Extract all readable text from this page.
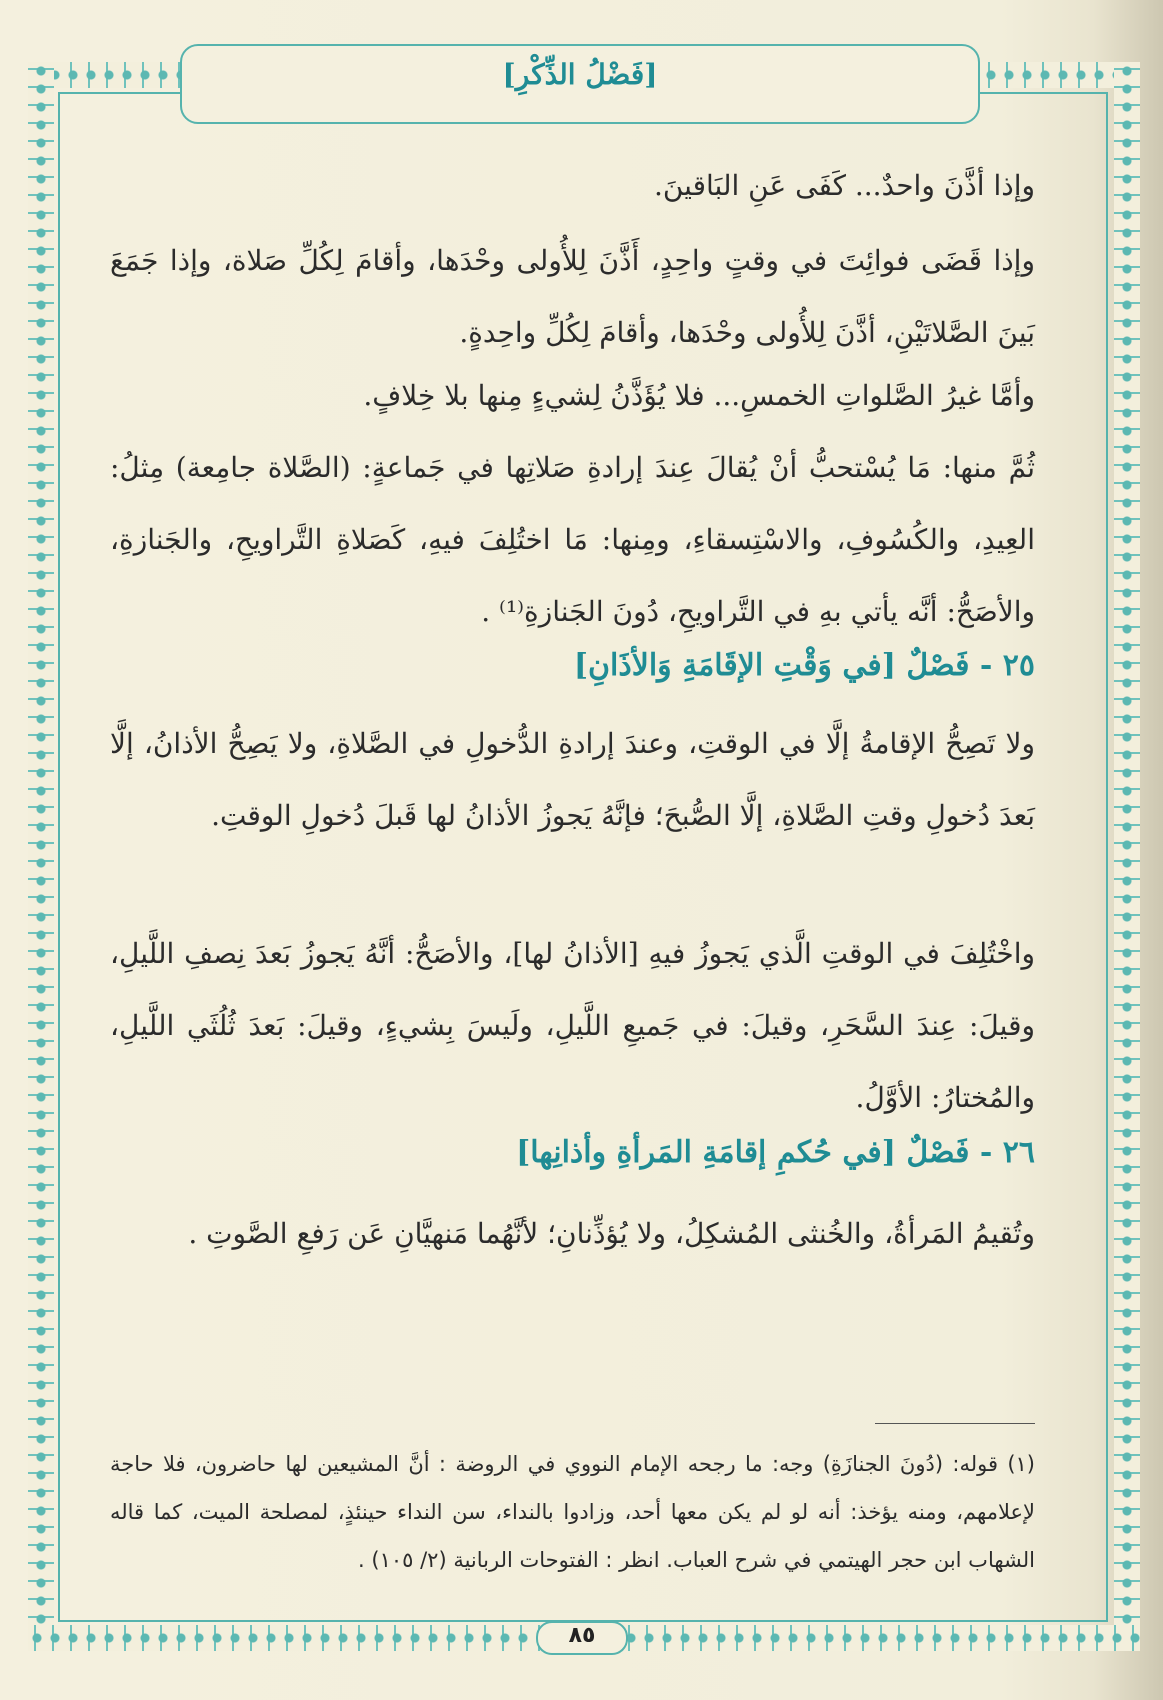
[فَضْلُ الذِّكْرِ]
وإذا أذَّنَ واحدٌ... كَفَى عَنِ البَاقينَ.
وإذا قَضَى فوائِتَ في وقتٍ واحِدٍ، أَذَّنَ لِلأُولى وحْدَها، وأقامَ لِكُلِّ صَلاة، وإذا جَمَعَ بَينَ الصَّلاتَيْنِ، أذَّنَ لِلأُولى وحْدَها، وأقامَ لِكُلِّ واحِدةٍ.
وأمَّا غيرُ الصَّلواتِ الخمسِ... فلا يُؤَذَّنُ لِشيءٍ مِنها بلا خِلافٍ.
ثُمَّ منها: مَا يُسْتحبُّ أنْ يُقالَ عِندَ إرادةِ صَلاتِها في جَماعةٍ: (الصَّلاة جامِعة) مِثلُ: العِيدِ، والكُسُوفِ، والاسْتِسقاءِ، ومِنها: مَا اختُلِفَ فيهِ، كَصَلاةِ التَّراويحِ، والجَنازةِ، والأصَحُّ: أنَّه يأتي بهِ في التَّراويحِ، دُونَ الجَنازةِ⁽¹⁾ .
٢٥ - فَصْلٌ [في وَقْتِ الإقَامَةِ وَالأذَانِ]
ولا تَصِحُّ الإقامةُ إلَّا في الوقتِ، وعندَ إرادةِ الدُّخولِ في الصَّلاةِ، ولا يَصِحُّ الأذانُ، إلَّا بَعدَ دُخولِ وقتِ الصَّلاةِ، إلَّا الصُّبحَ؛ فإنَّهُ يَجوزُ الأذانُ لها قَبلَ دُخولِ الوقتِ.
واخْتُلِفَ في الوقتِ الَّذي يَجوزُ فيهِ [الأذانُ لها]، والأصَحُّ: أنَّهُ يَجوزُ بَعدَ نِصفِ اللَّيلِ، وقيلَ: عِندَ السَّحَرِ، وقيلَ: في جَميعِ اللَّيلِ، ولَيسَ بِشيءٍ، وقيلَ: بَعدَ ثُلُثَي اللَّيلِ، والمُختارُ: الأوَّلُ.
٢٦ - فَصْلٌ [في حُكمِ إقامَةِ المَرأةِ وأذانِها]
وتُقيمُ المَرأةُ، والخُنثى المُشكِلُ، ولا يُؤذِّنانِ؛ لأنَّهُما مَنهيَّانِ عَن رَفعِ الصَّوتِ .
(١) قوله: (دُونَ الجنازَةِ) وجه: ما رجحه الإمام النووي في الروضة : أنَّ المشيعين لها حاضرون، فلا حاجة لإعلامهم، ومنه يؤخذ: أنه لو لم يكن معها أحد، وزادوا بالنداء، سن النداء حينئذٍ، لمصلحة الميت، كما قاله الشهاب ابن حجر الهيتمي في شرح العباب. انظر : الفتوحات الربانية (٢/ ١٠٥) .
٨٥
